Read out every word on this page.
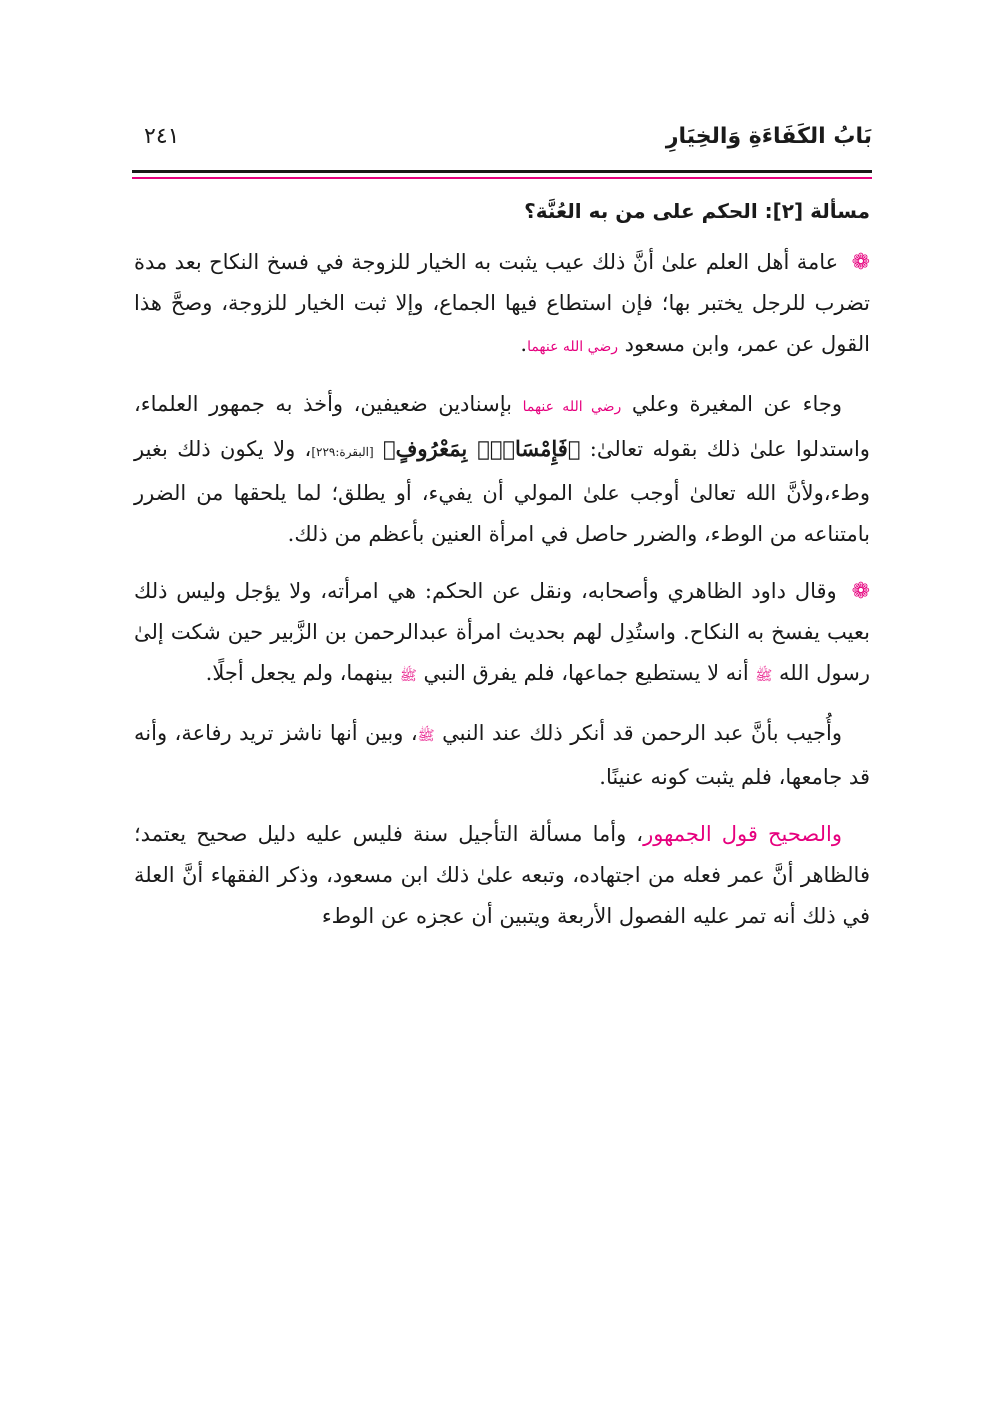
بَابُ الكَفَاءَةِ وَالخِيَارِ
٢٤١
مسألة [٢]: الحكم على من به العُنَّة؟

❁ عامة أهل العلم علىٰ أنَّ ذلك عيب يثبت به الخيار للزوجة في فسخ النكاح بعد مدة تضرب للرجل يختبر بها؛ فإن استطاع فيها الجماع، وإلا ثبت الخيار للزوجة، وصحَّ هذا القول عن عمر، وابن مسعود رضي الله عنهما.

وجاء عن المغيرة وعلي رضي الله عنهما بإسنادين ضعيفين، وأخذ به جمهور العلماء، واستدلوا علىٰ ذلك بقوله تعالىٰ: ﴿فَإِمْسَاكٌۢ بِمَعْرُوفٍ﴾ [البقرة:٢٢٩]، ولا يكون ذلك بغير وطء،ولأنَّ الله تعالىٰ أوجب علىٰ المولي أن يفيء، أو يطلق؛ لما يلحقها من الضرر بامتناعه من الوطء، والضرر حاصل في امرأة العنين بأعظم من ذلك.

❁ وقال داود الظاهري وأصحابه، ونقل عن الحكم: هي امرأته، ولا يؤجل وليس ذلك بعيب يفسخ به النكاح. واستُدِل لهم بحديث امرأة عبدالرحمن بن الزَّبير حين شكت إلىٰ رسول الله ﷺ أنه لا يستطيع جماعها، فلم يفرق النبي ﷺ بينهما، ولم يجعل أجلًا.

وأُجيب بأنَّ عبد الرحمن قد أنكر ذلك عند النبي ﷺ، وبين أنها ناشز تريد رفاعة، وأنه قد جامعها، فلم يثبت كونه عنينًا.

والصحيح قول الجمهور، وأما مسألة التأجيل سنة فليس عليه دليل صحيح يعتمد؛ فالظاهر أنَّ عمر فعله من اجتهاده، وتبعه علىٰ ذلك ابن مسعود، وذكر الفقهاء أنَّ العلة في ذلك أنه تمر عليه الفصول الأربعة ويتبين أن عجزه عن الوطء
